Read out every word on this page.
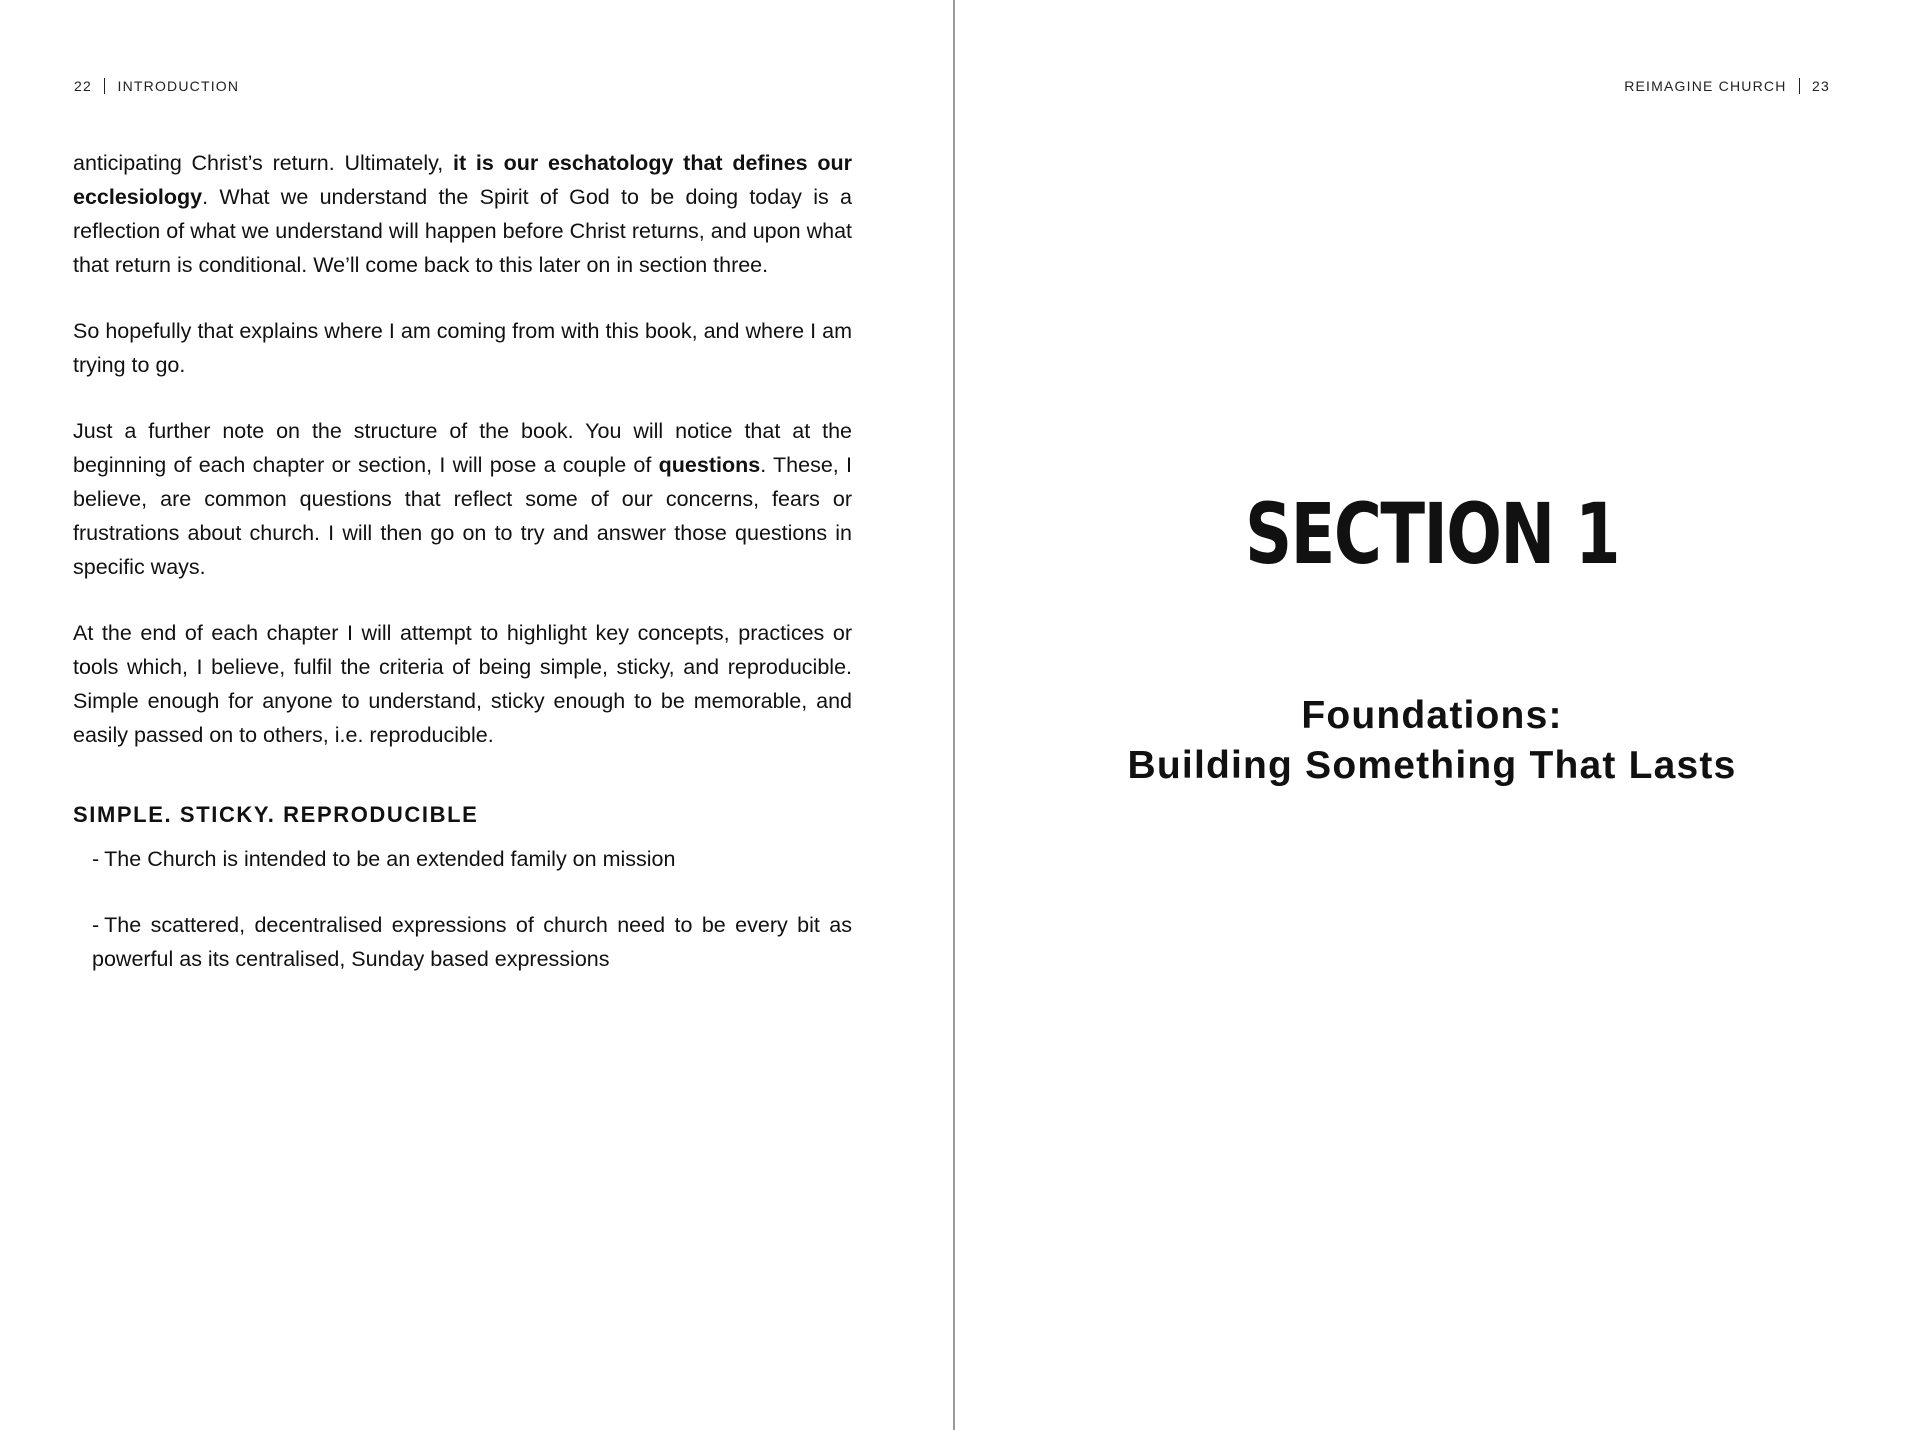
22 INTRODUCTION

anticipating Christ’s return. Ultimately, it is our eschatology that defines our ecclesiology. What we understand the Spirit of God to be doing today is a reflection of what we understand will happen before Christ returns, and upon what that return is conditional. We’ll come back to this later on in section three.

So hopefully that explains where I am coming from with this book, and where I am trying to go.

Just a further note on the structure of the book. You will notice that at the beginning of each chapter or section, I will pose a couple of questions. These, I believe, are common questions that reflect some of our concerns, fears or frustrations about church. I will then go on to try and answer those questions in specific ways.

At the end of each chapter I will attempt to highlight key concepts, practices or tools which, I believe, fulfil the criteria of being simple, sticky, and reproducible. Simple enough for anyone to understand, sticky enough to be memorable, and easily passed on to others, i.e. reproducible.

SIMPLE. STICKY. REPRODUCIBLE
- The Church is intended to be an extended family on mission
- The scattered, decentralised expressions of church need to be every bit as powerful as its centralised, Sunday based expressions
REIMAGINE CHURCH 23
SECTION 1
Foundations:
Building Something That Lasts
